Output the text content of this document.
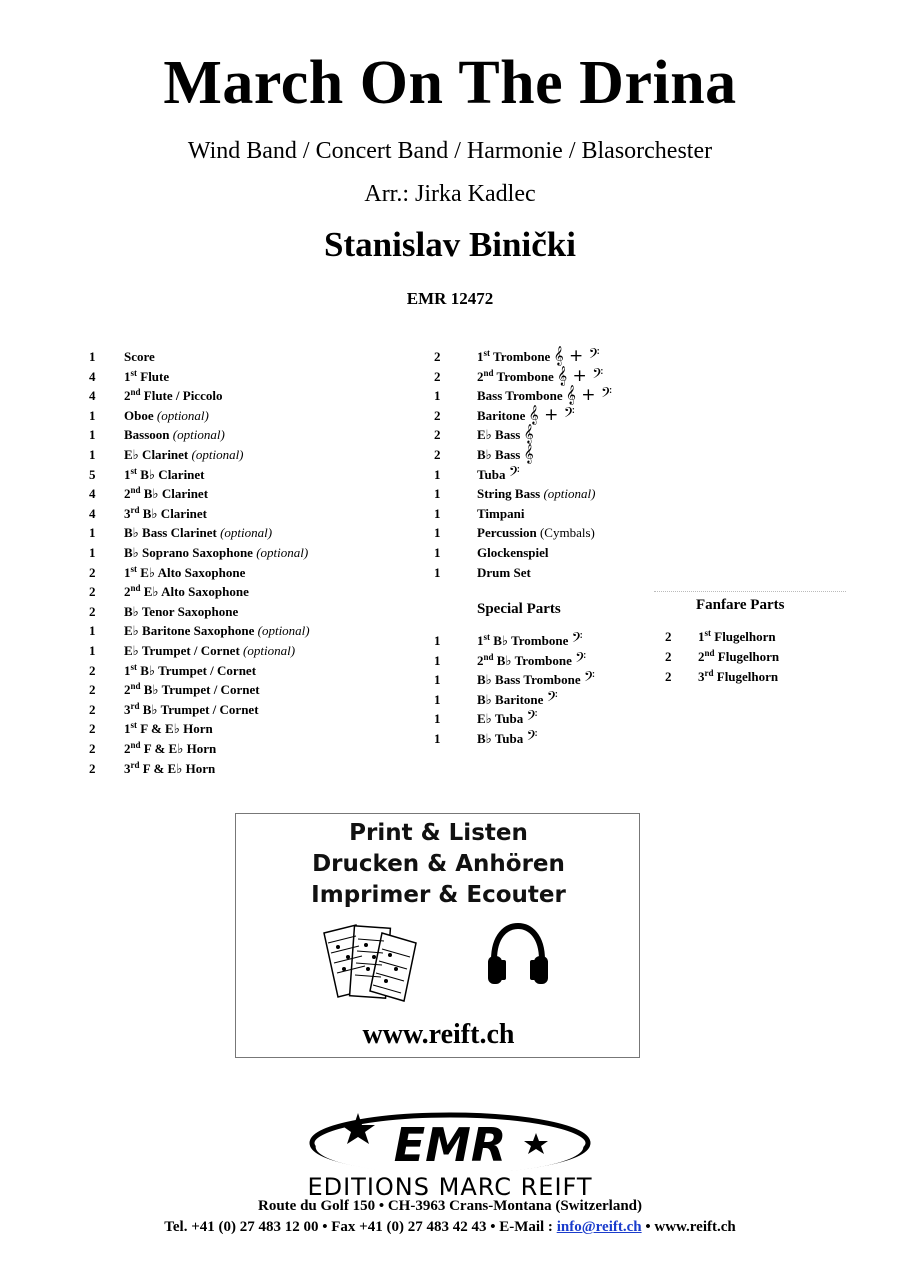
March On The Drina
Wind Band / Concert Band / Harmonie / Blasorchester
Arr.: Jirka Kadlec
Stanislav Binički
EMR 12472
1 Score
4 1st Flute
4 2nd Flute / Piccolo
1 Oboe (optional)
1 Bassoon (optional)
1 E♭ Clarinet (optional)
5 1st B♭ Clarinet
4 2nd B♭ Clarinet
4 3rd B♭ Clarinet
1 B♭ Bass Clarinet (optional)
1 B♭ Soprano Saxophone (optional)
2 1st E♭ Alto Saxophone
2 2nd E♭ Alto Saxophone
2 B♭ Tenor Saxophone
1 E♭ Baritone Saxophone (optional)
1 E♭ Trumpet / Cornet (optional)
2 1st B♭ Trumpet / Cornet
2 2nd B♭ Trumpet / Cornet
2 3rd B♭ Trumpet / Cornet
2 1st F & E♭ Horn
2 2nd F & E♭ Horn
2 3rd F & E♭ Horn
2	1st Trombone 𝄞 + 𝄢
2	2nd Trombone 𝄞 + 𝄢
1	Bass Trombone 𝄞 + 𝄢
2	Baritone 𝄞 + 𝄢
2	E♭ Bass 𝄞
2	B♭ Bass 𝄞
1	Tuba 𝄢
1	String Bass (optional)
1	Timpani
1	Percussion (Cymbals)
1	Glockenspiel
1	Drum Set
Special Parts
1	1st B♭ Trombone 𝄢
1	2nd B♭ Trombone 𝄢
1	B♭ Bass Trombone 𝄢
1	B♭ Baritone 𝄢
1	E♭ Tuba 𝄢
1	B♭ Tuba 𝄢
Fanfare Parts
2 1st Flugelhorn
2 2nd Flugelhorn
2 3rd Flugelhorn
Print & Listen
Drucken & Anhören
Imprimer & Ecouter
www.reift.ch
EMR
EDITIONS MARC REIFT
Route du Golf 150 • CH-3963 Crans-Montana (Switzerland)
Tel. +41 (0) 27 483 12 00 • Fax +41 (0) 27 483 42 43 • E-Mail : info@reift.ch • www.reift.ch
